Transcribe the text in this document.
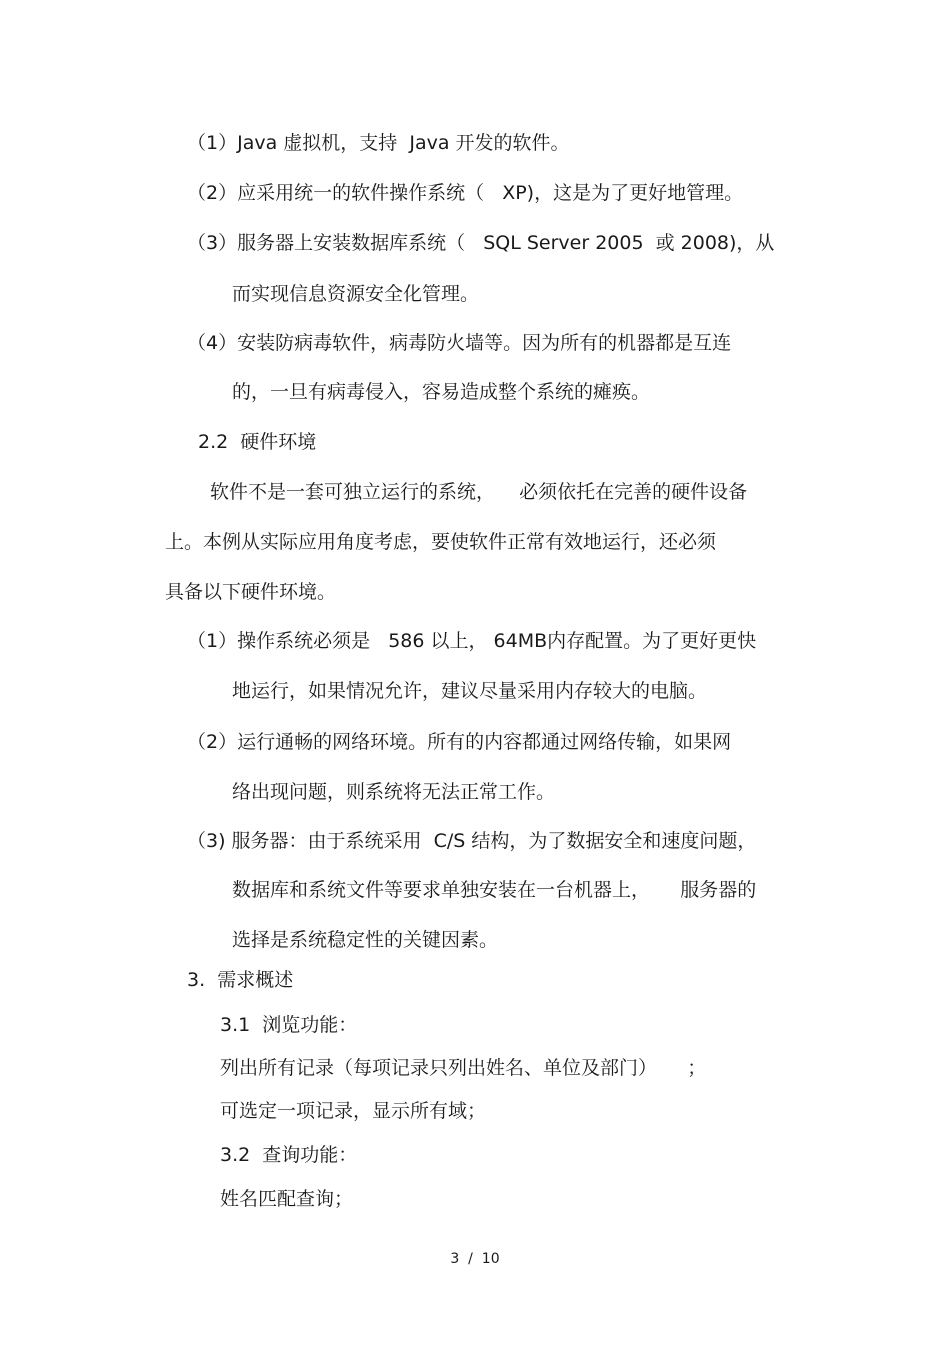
（1）Java 虚拟机，支持  Java 开发的软件。

（2）应采用统一的软件操作系统（   XP)，这是为了更好地管理。

（3）服务器上安装数据库系统（   SQL Server 2005  或 2008)，从

而实现信息资源安全化管理。

（4）安装防病毒软件，病毒防火墙等。因为所有的机器都是互连

的，一旦有病毒侵入，容易造成整个系统的瘫痪。

2.2  硬件环境

软件不是一套可独立运行的系统，    必须依托在完善的硬件设备

上。本例从实际应用角度考虑，要使软件正常有效地运行，还必须

具备以下硬件环境。

（1）操作系统必须是   586 以上， 64MB内存配置。为了更好更快

地运行，如果情况允许，建议尽量采用内存较大的电脑。

（2）运行通畅的网络环境。所有的内容都通过网络传输，如果网

络出现问题，则系统将无法正常工作。

（3) 服务器：由于系统采用  C/S 结构，为了数据安全和速度问题，

数据库和系统文件等要求单独安装在一台机器上，     服务器的

选择是系统稳定性的关键因素。

3.  需求概述

3.1  浏览功能：

列出所有记录（每项记录只列出姓名、单位及部门）     ；

可选定一项记录，显示所有域；

3.2  查询功能：

姓名匹配查询；

3  /  10
